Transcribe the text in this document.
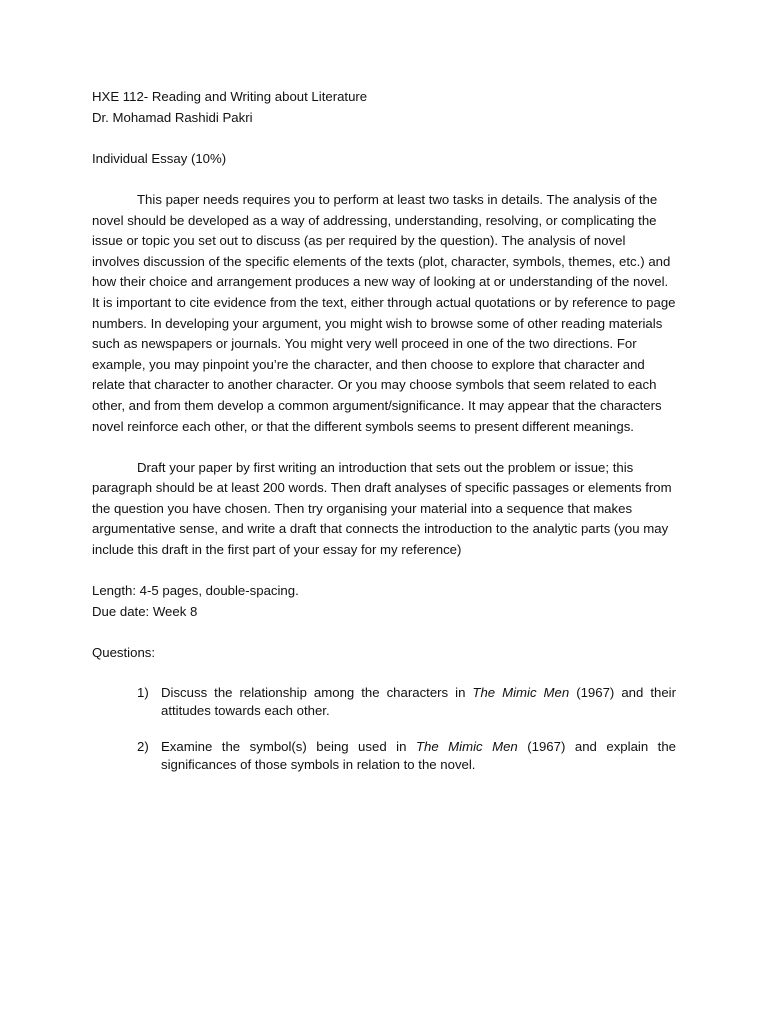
HXE 112- Reading and Writing about Literature

Dr. Mohamad Rashidi Pakri

Individual Essay (10%)

This paper needs requires you to perform at least two tasks in details. The analysis of the novel should be developed as a way of addressing, understanding, resolving, or complicating the issue or topic you set out to discuss (as per required by the question). The analysis of novel involves discussion of the specific elements of the texts (plot, character, symbols, themes, etc.) and how their choice and arrangement produces a new way of looking at or understanding of the novel. It is important to cite evidence from the text, either through actual quotations or by reference to page numbers. In developing your argument, you might wish to browse some of other reading materials such as newspapers or journals. You might very well proceed in one of the two directions. For example, you may pinpoint you’re the character, and then choose to explore that character and relate that character to another character. Or you may choose symbols that seem related to each other, and from them develop a common argument/significance. It may appear that the characters novel reinforce each other, or that the different symbols seems to present different meanings.

Draft your paper by first writing an introduction that sets out the problem or issue; this paragraph should be at least 200 words. Then draft analyses of specific passages or elements from the question you have chosen. Then try organising your material into a sequence that makes argumentative sense, and write a draft that connects the introduction to the analytic parts (you may include this draft in the first part of your essay for my reference)

Length: 4-5 pages, double-spacing.

Due date: Week 8

Questions:

1) Discuss the relationship among the characters in The Mimic Men (1967) and their attitudes towards each other.
2) Examine the symbol(s) being used in The Mimic Men (1967) and explain the significances of those symbols in relation to the novel.
